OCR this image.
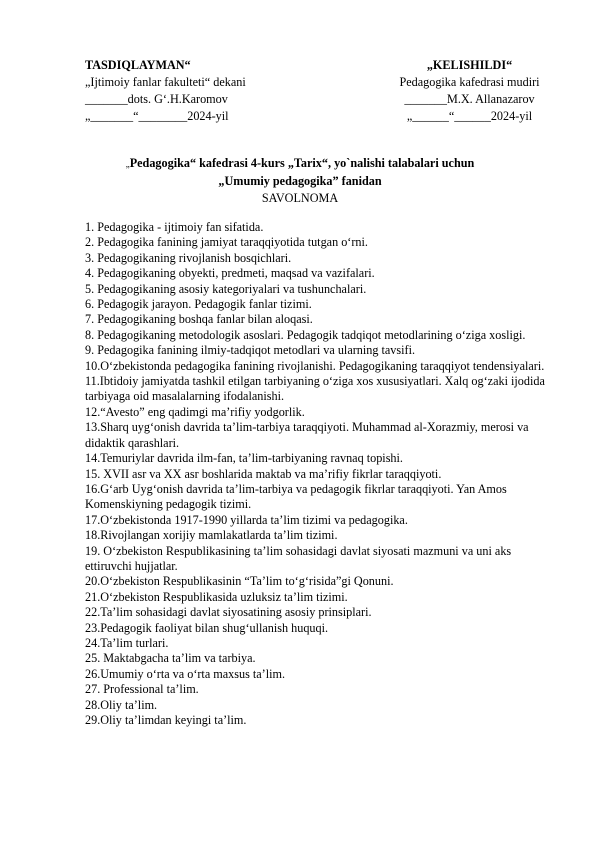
TASDIQLAYMAN“
„Ijtimoiy fanlar fakulteti“ dekani
_______dots. G‘.H.Karomov
„_______“________2024-yil
„KELISHILDI“
Pedagogika kafedrasi mudiri
_______M.X. Allanazarov
„______“______2024-yil
„Pedagogika“ kafedrasi 4-kurs „Tarix“, yo`nalishi talabalari uchun
„Umumiy pedagogika” fanidan
SAVOLNOMA
1. Pedagogika - ijtimoiy fan sifatida.
2. Pedagogika fanining jamiyat taraqqiyotida tutgan o‘rni.
3. Pedagogikaning rivojlanish bosqichlari.
4. Pedagogikaning obyekti, predmeti, maqsad va vazifalari.
5. Pedagogikaning asosiy kategoriyalari va tushunchalari.
6. Pedagogik jarayon. Pedagogik fanlar tizimi.
7. Pedagogikaning boshqa fanlar bilan aloqasi.
8. Pedagogikaning metodologik asoslari. Pedagogik tadqiqot metodlarining o‘ziga xosligi.
9. Pedagogika fanining ilmiy-tadqiqot metodlari va ularning tavsifi.
10.O‘zbekistonda pedagogika fanining rivojlanishi. Pedagogikaning taraqqiyot tendensiyalari.
11.Ibtidoiy jamiyatda tashkil etilgan tarbiyaning o‘ziga xos xususiyatlari. Xalq og‘zaki ijodida tarbiyaga oid masalalarning ifodalanishi.
12.“Avesto” eng qadimgi ma’rifiy yodgorlik.
13.Sharq uyg‘onish davrida ta’lim-tarbiya taraqqiyoti. Muhammad al-Xorazmiy, merosi va didaktik qarashlari.
14.Temuriylar davrida ilm-fan, ta’lim-tarbiyaning ravnaq topishi.
15. XVII asr va XX asr boshlarida maktab va ma’rifiy fikrlar taraqqiyoti.
16.G‘arb Uyg‘onish davrida ta’lim-tarbiya va pedagogik fikrlar taraqqiyoti. Yan Amos Komenskiyning pedagogik tizimi.
17.O‘zbekistonda 1917-1990 yillarda ta’lim tizimi va pedagogika.
18.Rivojlangan xorijiy mamlakatlarda ta’lim tizimi.
19. O‘zbekiston Respublikasining ta’lim sohasidagi davlat siyosati mazmuni va uni aks ettiruvchi hujjatlar.
20.O‘zbekiston Respublikasinin “Ta’lim to‘g‘risida”gi Qonuni.
21.O‘zbekiston Respublikasida uzluksiz ta’lim tizimi.
22.Ta’lim sohasidagi davlat siyosatining asosiy prinsiplari.
23.Pedagogik faoliyat bilan shug‘ullanish huquqi.
24.Ta’lim turlari.
25. Maktabgacha ta’lim va tarbiya.
26.Umumiy o‘rta va o‘rta maxsus ta’lim.
27. Professional ta’lim.
28.Oliy ta’lim.
29.Oliy ta’limdan keyingi ta’lim.
